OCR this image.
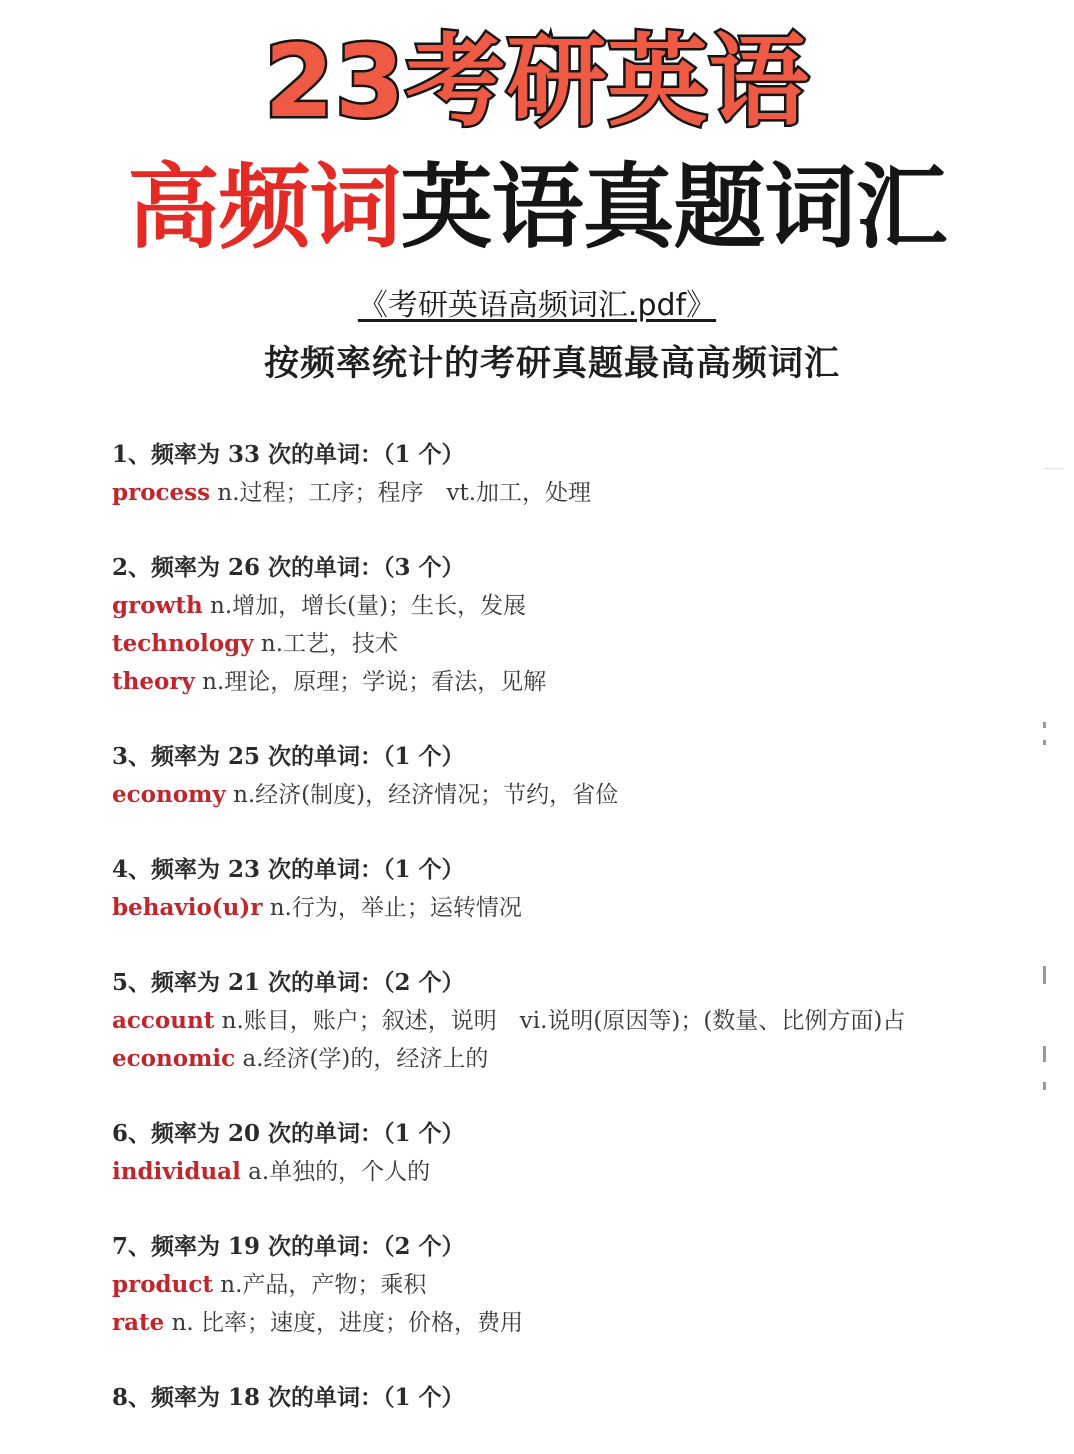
23考研英语
高频词英语真题词汇
《考研英语高频词汇.pdf》
按频率统计的考研真题最高高频词汇
1、频率为 33 次的单词：（1 个）
process n.过程；工序；程序　vt.加工，处理
2、频率为 26 次的单词：（3 个）
growth n.增加，增长(量)；生长，发展
technology n.工艺，技术
theory n.理论，原理；学说；看法，见解
3、频率为 25 次的单词：（1 个）
economy n.经济(制度)，经济情况；节约，省俭
4、频率为 23 次的单词：（1 个）
behavio(u)r n.行为，举止；运转情况
5、频率为 21 次的单词：（2 个）
account n.账目，账户；叙述，说明　vi.说明(原因等)；(数量、比例方面)占
economic a.经济(学)的，经济上的
6、频率为 20 次的单词：（1 个）
individual a.单独的，个人的
7、频率为 19 次的单词：（2 个）
product n.产品，产物；乘积
rate n. 比率；速度，进度；价格，费用
8、频率为 18 次的单词：（1 个）
